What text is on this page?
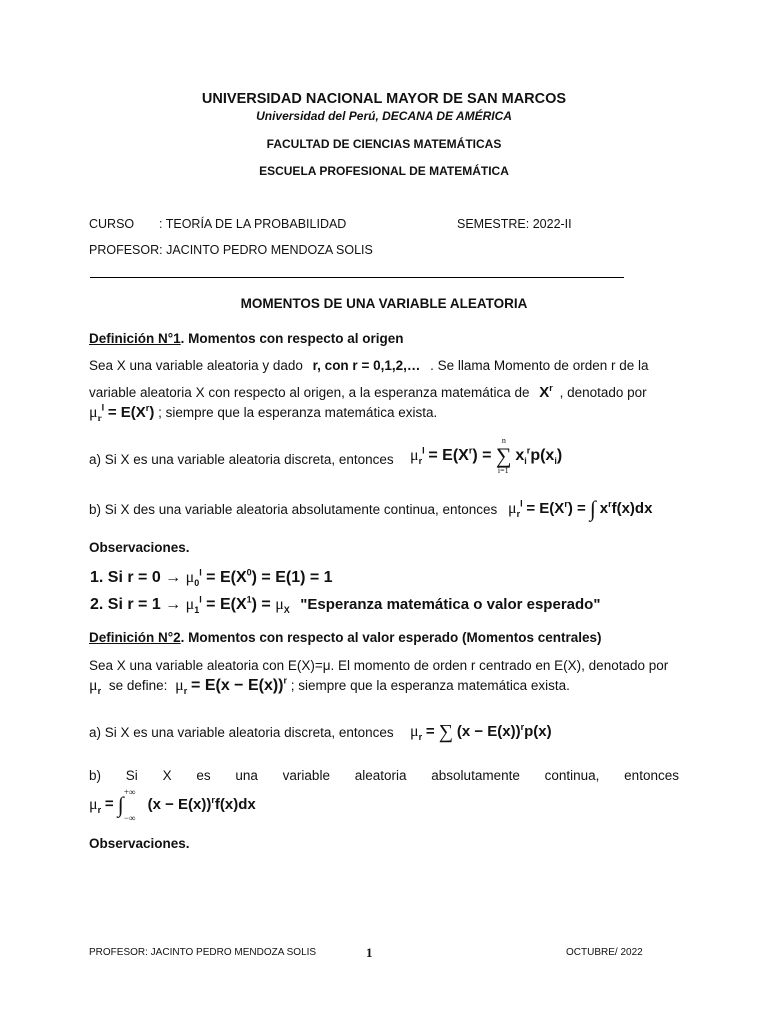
UNIVERSIDAD NACIONAL MAYOR DE SAN MARCOS
Universidad del Perú, DECANA DE AMÉRICA
FACULTAD DE CIENCIAS MATEMÁTICAS
ESCUELA PROFESIONAL DE MATEMÁTICA
CURSO : TEORÍA DE LA PROBABILIDAD	SEMESTRE: 2022-II
PROFESOR: JACINTO PEDRO MENDOZA SOLIS
MOMENTOS DE UNA VARIABLE ALEATORIA
Definición N°1. Momentos con respecto al origen
Sea X una variable aleatoria y dado r, con r = 0,1,2,… . Se llama Momento de orden r de la
variable aleatoria X con respecto al origen, a la esperanza matemática de $X^r$ , denotado por
$\mu_r^I = E(X^r)$ ; siempre que la esperanza matemática exista.
a) Si X es una variable aleatoria discreta, entonces $\mu_r^I = E(X^r)$ = ∑
n
i=1
$x_i^rp(x_i)$
b) Si X des una variable aleatoria absolutamente continua, entonces $\mu_r^I = E(X^r)$ = ∫ $x^rf(x)dx$
Observaciones.
1. Si $r = 0 \to \mu_0^I = E(X^0) = E(1) = 1$
2. Si $r = 1 \to \mu_1^I = E(X^1) = \mu_X$ "Esperanza matemática o valor esperado"
Definición N°2. Momentos con respecto al valor esperado (Momentos centrales)
Sea X una variable aleatoria con E(X)=μ. El momento de orden r centrado en E(X), denotado por
$\mu_r$ se define: $\mu_r = E(x - E(x))^r$ ; siempre que la esperanza matemática exista.
a) Si X es una variable aleatoria discreta, entonces $\mu_r$ = ∑ $(x - E(x))^rp(x)$
b) Si X es una variable aleatoria absolutamente continua, entonces
$\mu_r$ = ∫ +∞
−∞
$(x - E(x))^rf(x)dx$
Observaciones.
PROFESOR: JACINTO PEDRO MENDOZA SOLIS	1	OCTUBRE/ 2022
